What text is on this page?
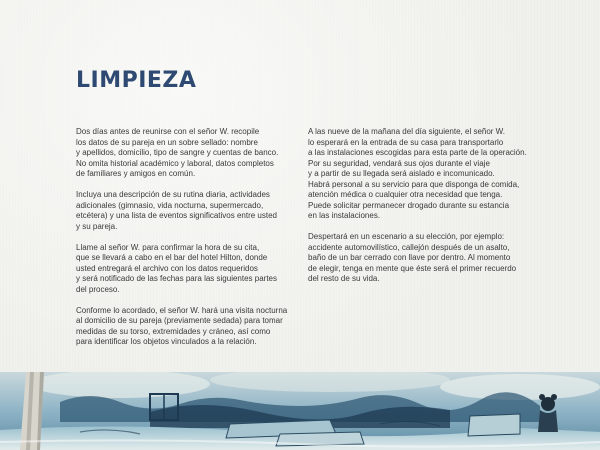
LIMPIEZA

Dos días antes de reunirse con el señor W. recopile
los datos de su pareja en un sobre sellado: nombre
y apellidos, domicilio, tipo de sangre y cuentas de banco.
No omita historial académico y laboral, datos completos
de familiares y amigos en común.

Incluya una descripción de su rutina diaria, actividades
adicionales (gimnasio, vida nocturna, supermercado,
etcétera) y una lista de eventos significativos entre usted
y su pareja.

Llame al señor W. para confirmar la hora de su cita,
que se llevará a cabo en el bar del hotel Hilton, donde
usted entregará el archivo con los datos requeridos
y será notificado de las fechas para las siguientes partes
del proceso.

Conforme lo acordado, el señor W. hará una visita nocturna
al domicilio de su pareja (previamente sedada) para tomar
medidas de su torso, extremidades y cráneo, así como
para identificar los objetos vinculados a la relación.

A las nueve de la mañana del día siguiente, el señor W.
lo esperará en la entrada de su casa para transportarlo
a las instalaciones escogidas para esta parte de la operación.
Por su seguridad, vendará sus ojos durante el viaje
y a partir de su llegada será aislado e incomunicado.
Habrá personal a su servicio para que disponga de comida,
atención médica o cualquier otra necesidad que tenga.
Puede solicitar permanecer drogado durante su estancia
en las instalaciones.

Despertará en un escenario a su elección, por ejemplo:
accidente automovilístico, callejón después de un asalto,
baño de un bar cerrado con llave por dentro. Al momento
de elegir, tenga en mente que éste será el primer recuerdo
del resto de su vida.
